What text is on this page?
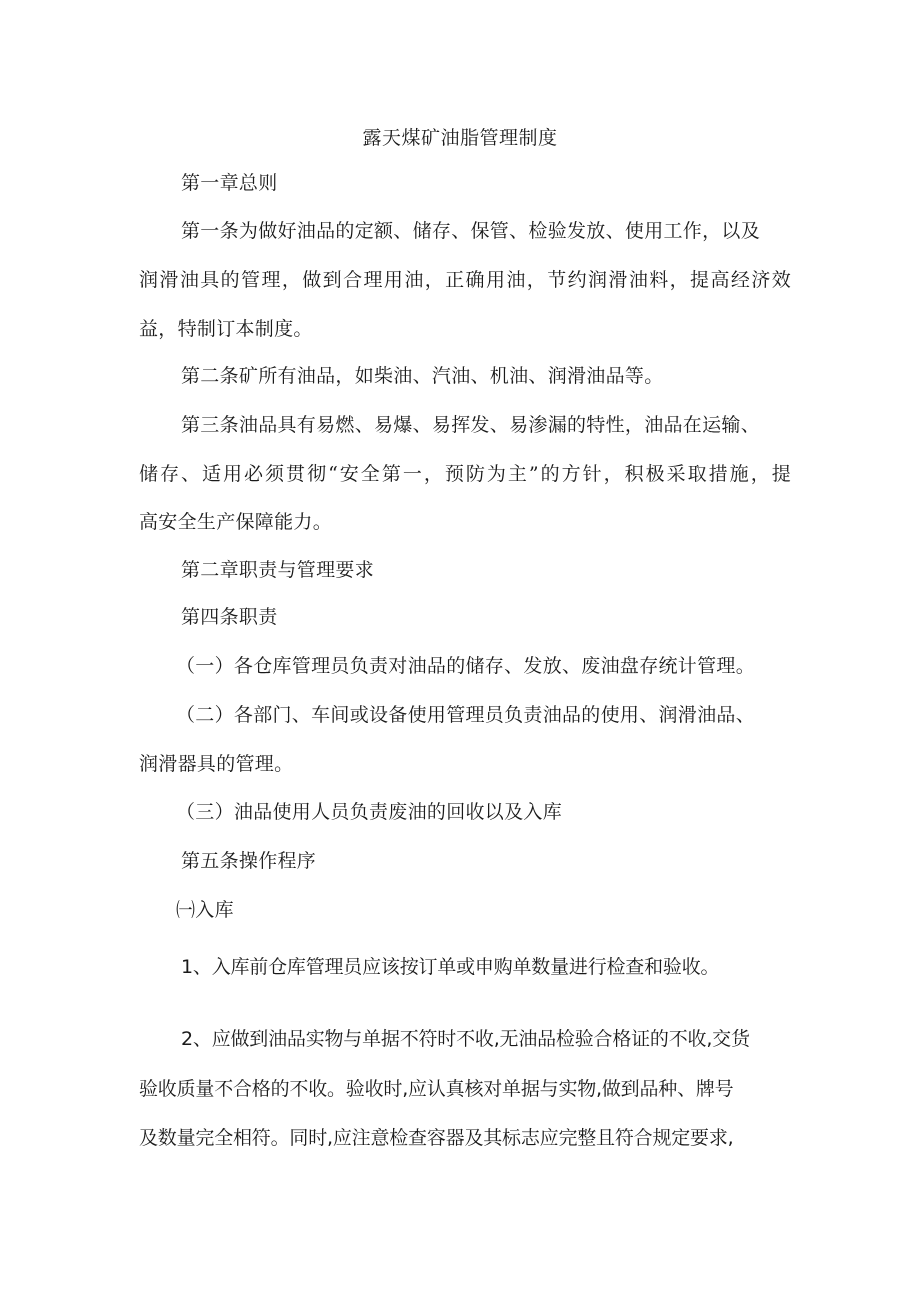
露天煤矿油脂管理制度
第一章总则
第一条为做好油品的定额、储存、保管、检验发放、使用工作，以及
润滑油具的管理，做到合理用油，正确用油，节约润滑油料，提高经济效
益，特制订本制度。
第二条矿所有油品，如柴油、汽油、机油、润滑油品等。
第三条油品具有易燃、易爆、易挥发、易渗漏的特性，油品在运输、
储存、适用必须贯彻“安全第一，预防为主”的方针，积极采取措施，提
高安全生产保障能力。
第二章职责与管理要求
第四条职责
（一）各仓库管理员负责对油品的储存、发放、废油盘存统计管理。
（二）各部门、车间或设备使用管理员负责油品的使用、润滑油品、
润滑器具的管理。
（三）油品使用人员负责废油的回收以及入库
第五条操作程序
㈠入库
1、入库前仓库管理员应该按订单或申购单数量进行检查和验收。
2、应做到油品实物与单据不符时不收,无油品检验合格证的不收,交货
验收质量不合格的不收。验收时,应认真核对单据与实物,做到品种、牌号
及数量完全相符。同时,应注意检查容器及其标志应完整且符合规定要求,
